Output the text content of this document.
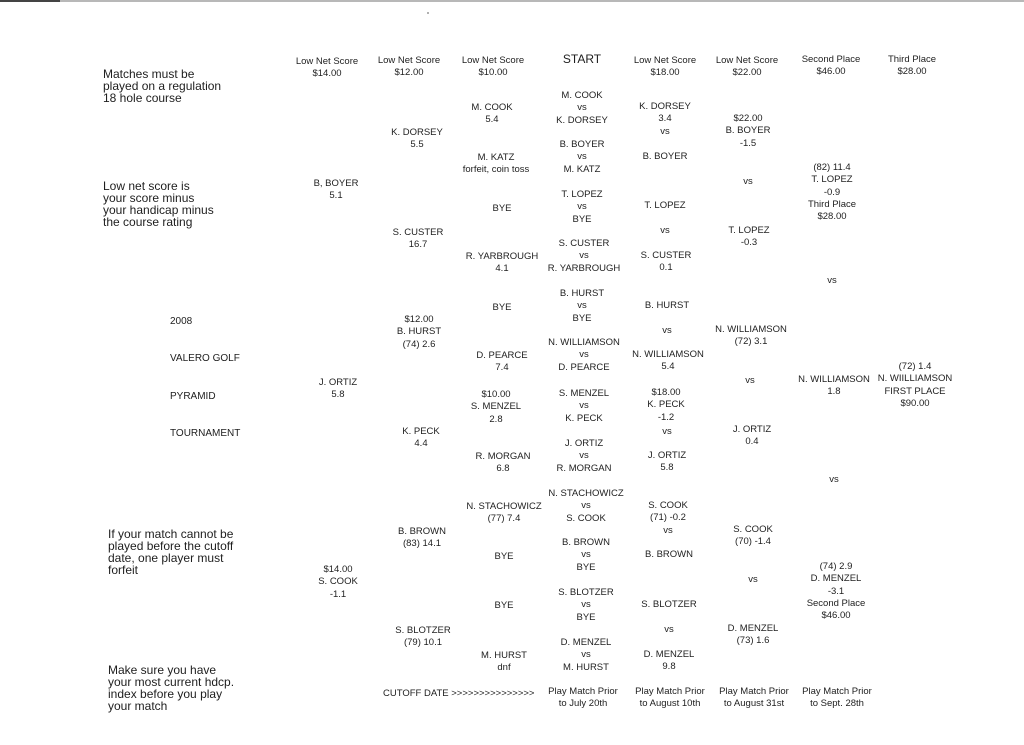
Low Net Score
$14.00
Low Net Score
$12.00
Low Net Score
$10.00
START	Low Net Score
$18.00
Low Net Score
$22.00
Second Place
$46.00
Third Place
$28.00
Matches must be
played on a regulation
18 hole course
Low net score is
your score minus
your handicap minus
the course rating
If your match cannot be
played before the cutoff
date, one player must
forfeit
Make sure you have
your most current hdcp.
index before you play
your match
2008
VALERO GOLF
PYRAMID
TOURNAMENT
M. COOK
vs
K. DORSEY
B. BOYER
vs
M. KATZ
T. LOPEZ
vs
BYE
S. CUSTER
vs
R. YARBROUGH
B. HURST
vs
BYE
N. WILLIAMSON
vs
D. PEARCE
S. MENZEL
vs
K. PECK
J. ORTIZ
vs
R. MORGAN
N. STACHOWICZ
vs
S. COOK
B. BROWN
vs
BYE
S. BLOTZER
vs
BYE
D. MENZEL
vs
M. HURST
M. COOK
5.4
M. KATZ
forfeit, coin toss
BYE
R. YARBROUGH
4.1
BYE
D. PEARCE
7.4
$10.00
S. MENZEL
2.8
R. MORGAN
6.8
N. STACHOWICZ
(77) 7.4
BYE
BYE
M. HURST
dnf
K. DORSEY
5.5
S. CUSTER
16.7
$12.00
B. HURST
(74) 2.6
K. PECK
4.4
B. BROWN
(83) 14.1
S. BLOTZER
(79) 10.1
B, BOYER
5.1
J. ORTIZ
5.8
$14.00
S. COOK
-1.1
K. DORSEY
3.4
vs
B. BOYER
T. LOPEZ
vs
S. CUSTER
0.1
B. HURST
vs
N. WILLIAMSON
5.4
$18.00
K. PECK
-1.2
vs
J. ORTIZ
5.8
S. COOK
(71) -0.2
vs
B. BROWN
S. BLOTZER
vs
D. MENZEL
9.8
$22.00
B. BOYER
-1.5
vs
T. LOPEZ
-0.3
N. WILLIAMSON
(72) 3.1
vs
J. ORTIZ
0.4
S. COOK
(70) -1.4
vs
D. MENZEL
(73) 1.6
(82) 11.4
T. LOPEZ
-0.9
Third Place
$28.00
vs
N. WILLIAMSON
1.8
vs
(74) 2.9
D. MENZEL
-3.1
Second Place
$46.00
(72) 1.4
N. WIILLIAMSON
FIRST PLACE
$90.00
CUTOFF DATE >>>>>>>>>>>>>>> Play Match Prior
to July 20th
Play Match Prior
to August 10th
Play Match Prior
to August 31st
Play Match Prior
to Sept. 28th
